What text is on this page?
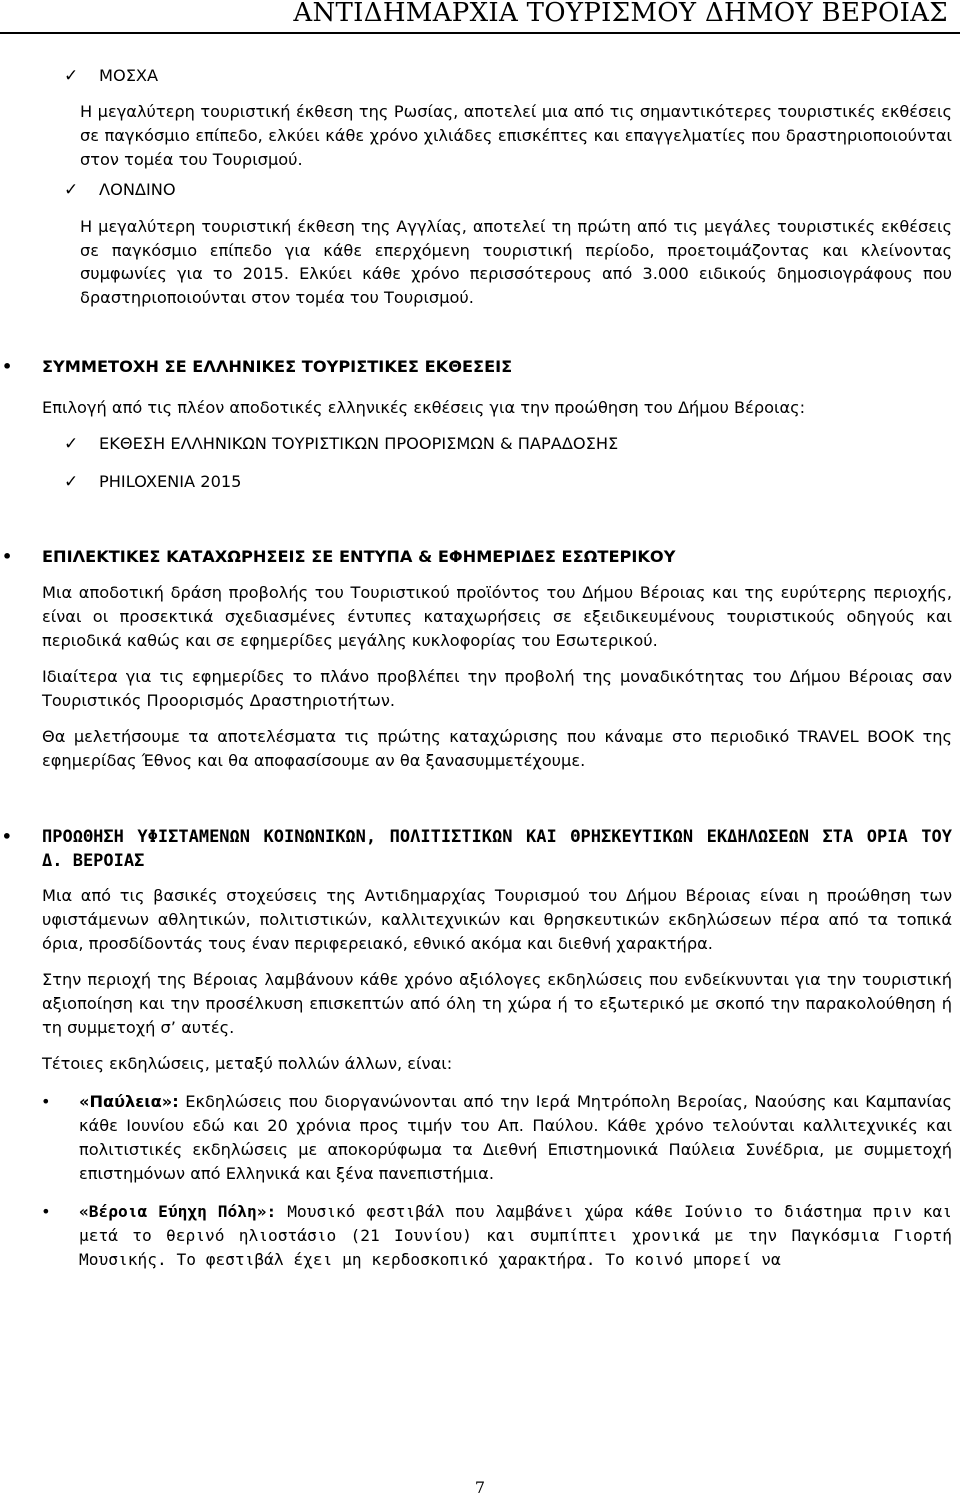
ΑΝΤΙΔΗΜΑΡΧΙΑ ΤΟΥΡΙΣΜΟΥ ΔΗΜΟΥ ΒΕΡΟΙΑΣ
✓ ΜΟΣΧΑ

Η μεγαλύτερη τουριστική έκθεση της Ρωσίας, αποτελεί μια από τις σημαντικότερες τουριστικές εκθέσεις σε παγκόσμιο επίπεδο, ελκύει κάθε χρόνο χιλιάδες επισκέπτες και επαγγελματίες που δραστηριοποιούνται στον τομέα του Τουρισμού.

✓ ΛΟΝΔΙΝΟ

Η μεγαλύτερη τουριστική έκθεση της Αγγλίας, αποτελεί τη πρώτη από τις μεγάλες τουριστικές εκθέσεις σε παγκόσμιο επίπεδο για κάθε επερχόμενη τουριστική περίοδο, προετοιμάζοντας και κλείνοντας συμφωνίες για το 2015. Ελκύει κάθε χρόνο περισσότερους από 3.000 ειδικούς δημοσιογράφους που δραστηριοποιούνται στον τομέα του Τουρισμού.

• ΣΥΜΜΕΤΟΧΗ ΣΕ ΕΛΛΗΝΙΚΕΣ ΤΟΥΡΙΣΤΙΚΕΣ ΕΚΘΕΣΕΙΣ

Επιλογή από τις πλέον αποδοτικές ελληνικές εκθέσεις για την προώθηση του Δήμου Βέροιας:

✓ ΕΚΘΕΣΗ ΕΛΛΗΝΙΚΩΝ ΤΟΥΡΙΣΤΙΚΩΝ ΠΡΟΟΡΙΣΜΩΝ & ΠΑΡΑΔΟΣΗΣ
✓ PHILOXENIA 2015
• ΕΠΙΛΕΚΤΙΚΕΣ ΚΑΤΑΧΩΡΗΣΕΙΣ ΣΕ ΕΝΤΥΠΑ & ΕΦΗΜΕΡΙΔΕΣ ΕΣΩΤΕΡΙΚΟΥ

Μια αποδοτική δράση προβολής του Τουριστικού προϊόντος του Δήμου Βέροιας και της ευρύτερης περιοχής, είναι οι προσεκτικά σχεδιασμένες έντυπες καταχωρήσεις σε εξειδικευμένους τουριστικούς οδηγούς και περιοδικά καθώς και σε εφημερίδες μεγάλης κυκλοφορίας του Εσωτερικού.

Ιδιαίτερα για τις εφημερίδες το πλάνο προβλέπει την προβολή της μοναδικότητας του Δήμου Βέροιας σαν Τουριστικός Προορισμός Δραστηριοτήτων.

Θα μελετήσουμε τα αποτελέσματα τις πρώτης καταχώρισης που κάναμε στο περιοδικό TRAVEL BOOK της εφημερίδας Έθνος και θα αποφασίσουμε αν θα ξανασυμμετέχουμε.

• ΠΡΟΩΘΗΣΗ ΥΦΙΣΤΑΜΕΝΩΝ ΚΟΙΝΩΝΙΚΩΝ, ΠΟΛΙΤΙΣΤΙΚΩΝ ΚΑΙ ΘΡΗΣΚΕΥΤΙΚΩΝ ΕΚΔΗΛΩΣΕΩΝ ΣΤΑ ΟΡΙΑ ΤΟΥ Δ. ΒΕΡΟΙΑΣ

Μια από τις βασικές στοχεύσεις της Αντιδημαρχίας Τουρισμού του Δήμου Βέροιας είναι η προώθηση των υφιστάμενων αθλητικών, πολιτιστικών, καλλιτεχνικών και θρησκευτικών εκδηλώσεων πέρα από τα τοπικά όρια, προσδίδοντάς τους έναν περιφερειακό, εθνικό ακόμα και διεθνή χαρακτήρα.

Στην περιοχή της Βέροιας λαμβάνουν κάθε χρόνο αξιόλογες εκδηλώσεις που ενδείκνυνται για την τουριστική αξιοποίηση και την προσέλκυση επισκεπτών από όλη τη χώρα ή το εξωτερικό με σκοπό την παρακολούθηση ή τη συμμετοχή σ’ αυτές.

Τέτοιες εκδηλώσεις, μεταξύ πολλών άλλων, είναι:

• «Παύλεια»: Εκδηλώσεις που διοργανώνονται από την Ιερά Μητρόπολη Βεροίας, Ναούσης και Καμπανίας κάθε Ιουνίου εδώ και 20 χρόνια προς τιμήν του Απ. Παύλου. Κάθε χρόνο τελούνται καλλιτεχνικές και πολιτιστικές εκδηλώσεις με αποκορύφωμα τα Διεθνή Επιστημονικά Παύλεια Συνέδρια, με συμμετοχή επιστημόνων από Ελληνικά και ξένα πανεπιστήμια.
• «Βέροια Εύηχη Πόλη»: Μουσικό φεστιβάλ που λαμβάνει χώρα κάθε Ιούνιο το διάστημα πριν και μετά το θερινό ηλιοστάσιο (21 Ιουνίου) και συμπίπτει χρονικά με την Παγκόσμια Γιορτή Μουσικής. Το φεστιβάλ έχει μη κερδοσκοπικό χαρακτήρα. Το κοινό μπορεί να
7
